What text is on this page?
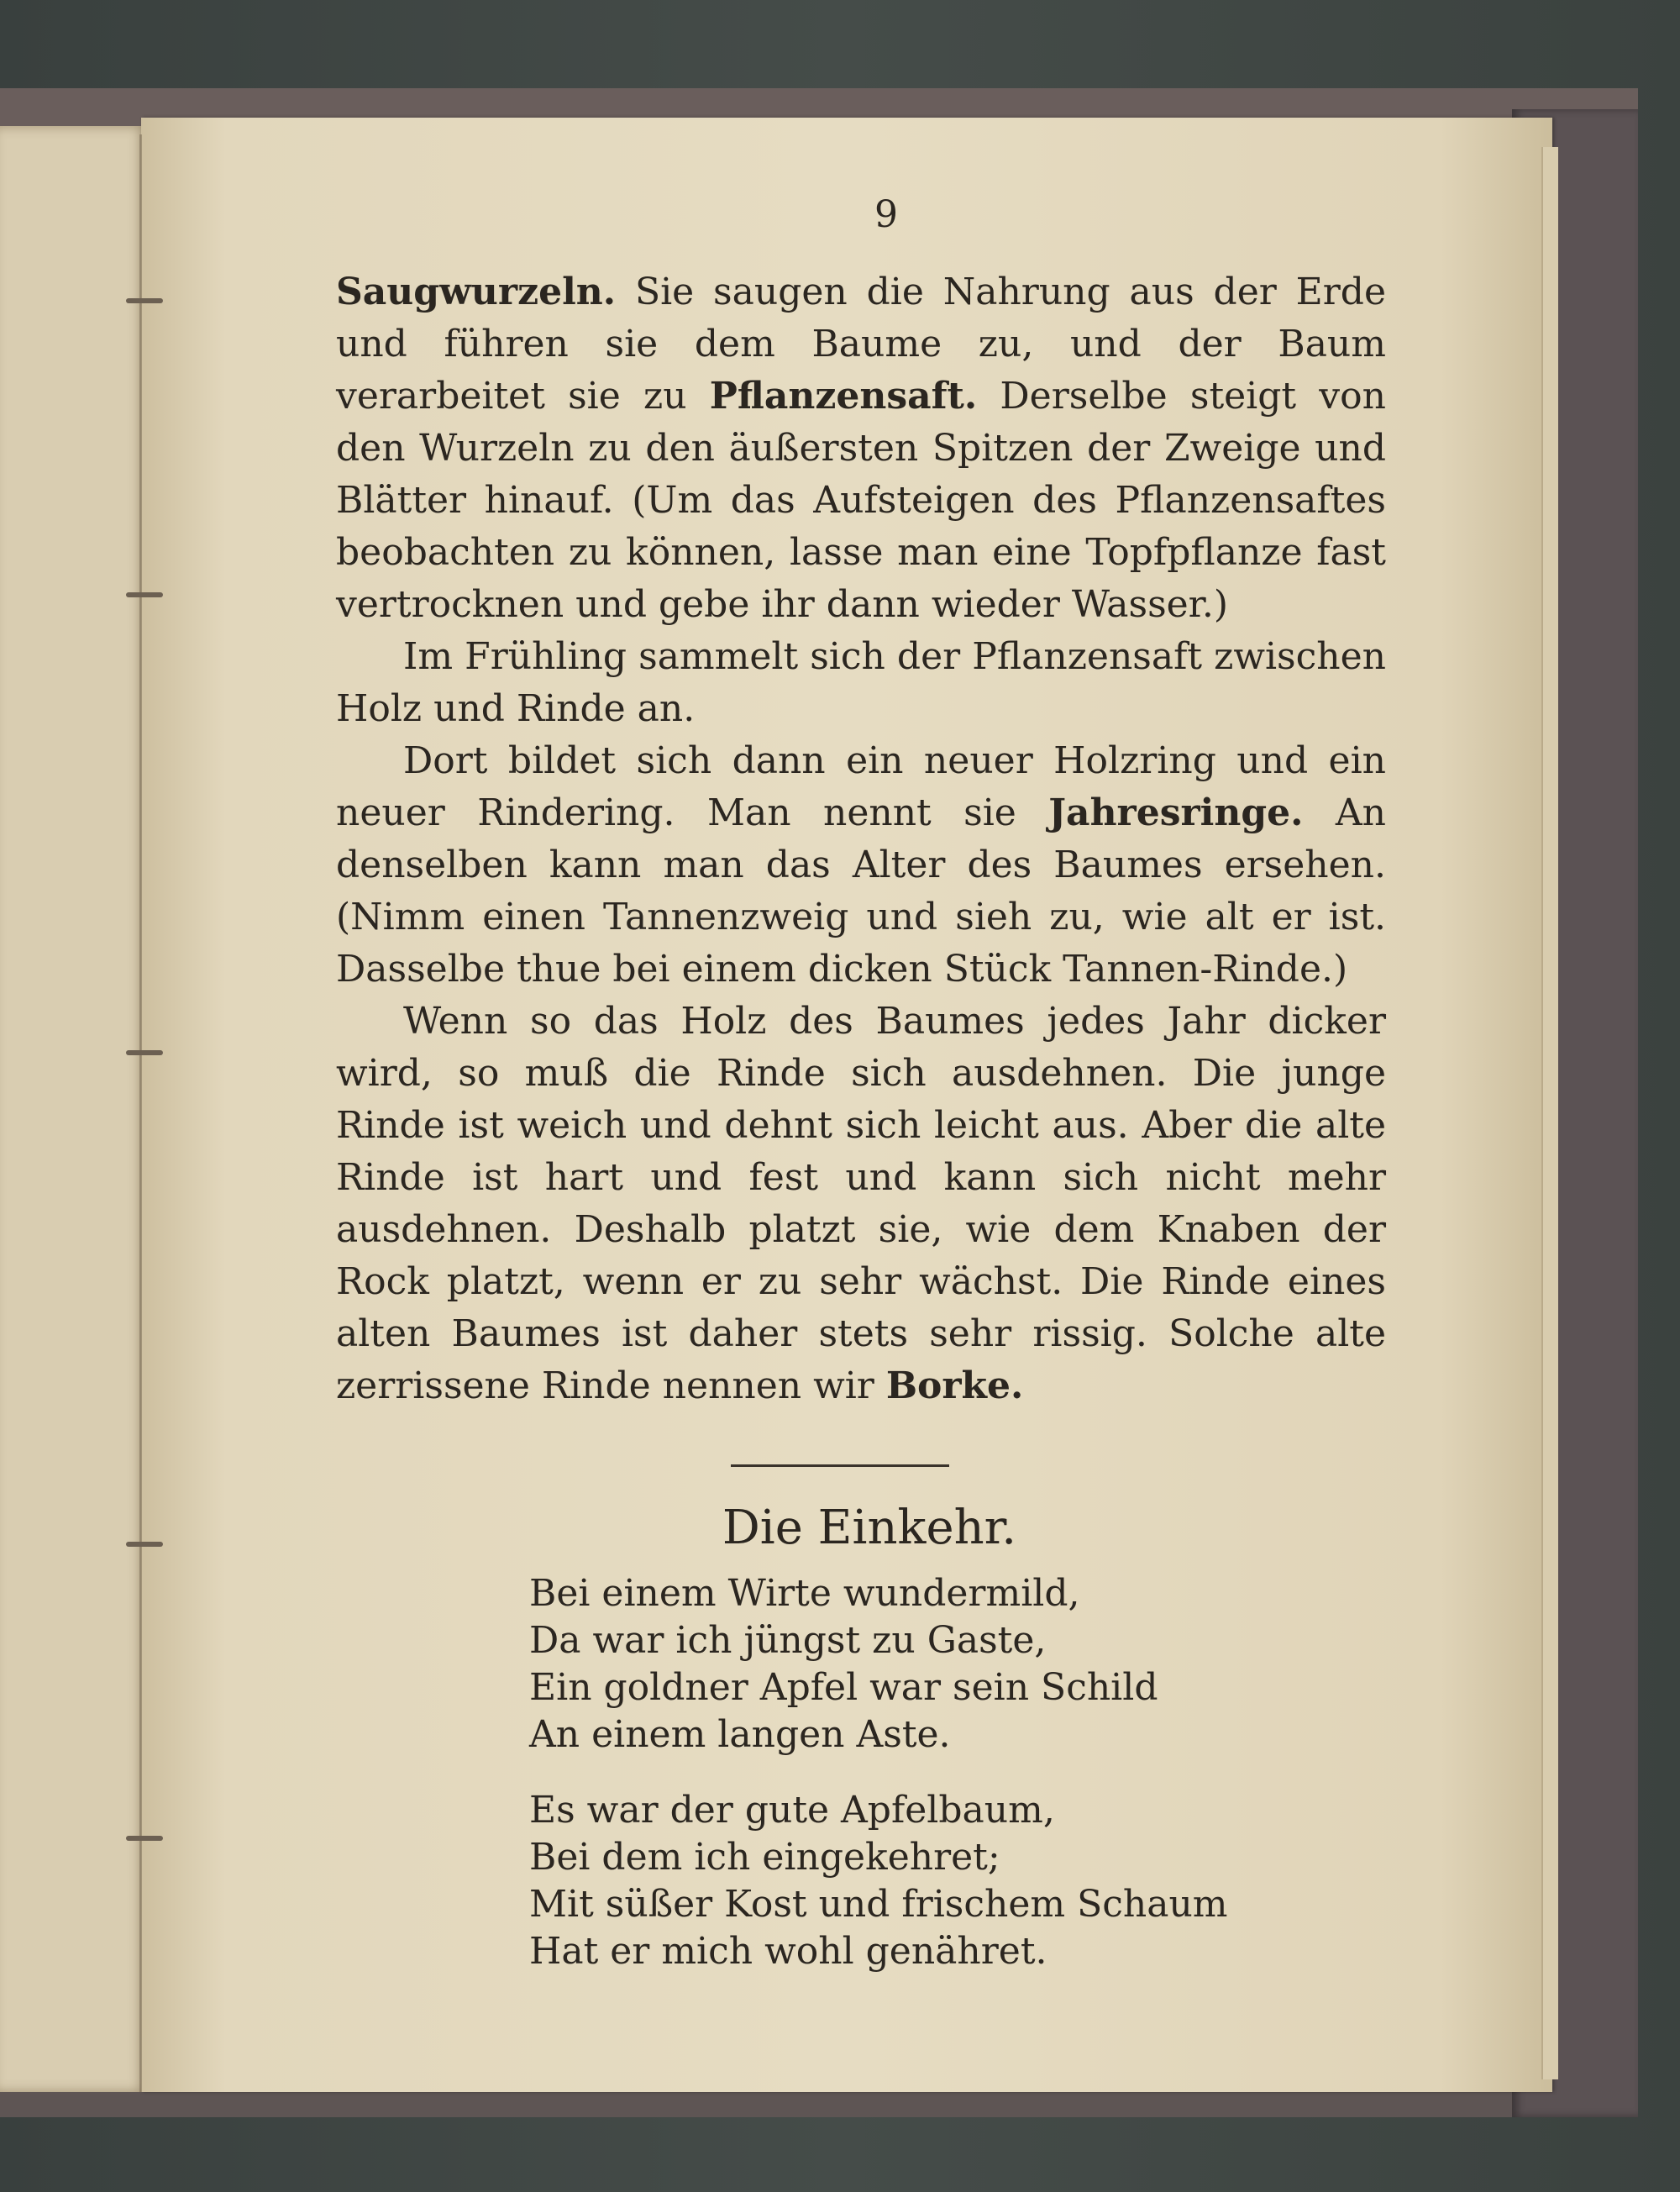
9

Saugwurzeln. Sie saugen die Nahrung aus der Erde und führen sie dem Baume zu, und der Baum verarbeitet sie zu Pflanzensaft. Derselbe steigt von den Wurzeln zu den äußersten Spitzen der Zweige und Blätter hinauf. (Um das Aufsteigen des Pflanzensaftes beobachten zu können, lasse man eine Topfpflanze fast vertrocknen und gebe ihr dann wieder Wasser.)

Im Frühling sammelt sich der Pflanzensaft zwischen Holz und Rinde an.

Dort bildet sich dann ein neuer Holzring und ein neuer Rindering. Man nennt sie Jahresringe. An denselben kann man das Alter des Baumes ersehen. (Nimm einen Tannenzweig und sieh zu, wie alt er ist. Dasselbe thue bei einem dicken Stück Tannen-Rinde.)

Wenn so das Holz des Baumes jedes Jahr dicker wird, so muß die Rinde sich ausdehnen. Die junge Rinde ist weich und dehnt sich leicht aus. Aber die alte Rinde ist hart und fest und kann sich nicht mehr ausdehnen. Deshalb platzt sie, wie dem Knaben der Rock platzt, wenn er zu sehr wächst. Die Rinde eines alten Baumes ist daher stets sehr rissig. Solche alte zerrissene Rinde nennen wir Borke.

Die Einkehr.
Bei einem Wirte wundermild,
Da war ich jüngst zu Gaste,
Ein goldner Apfel war sein Schild
An einem langen Aste.
Es war der gute Apfelbaum,
Bei dem ich eingekehret;
Mit süßer Kost und frischem Schaum
Hat er mich wohl genähret.
